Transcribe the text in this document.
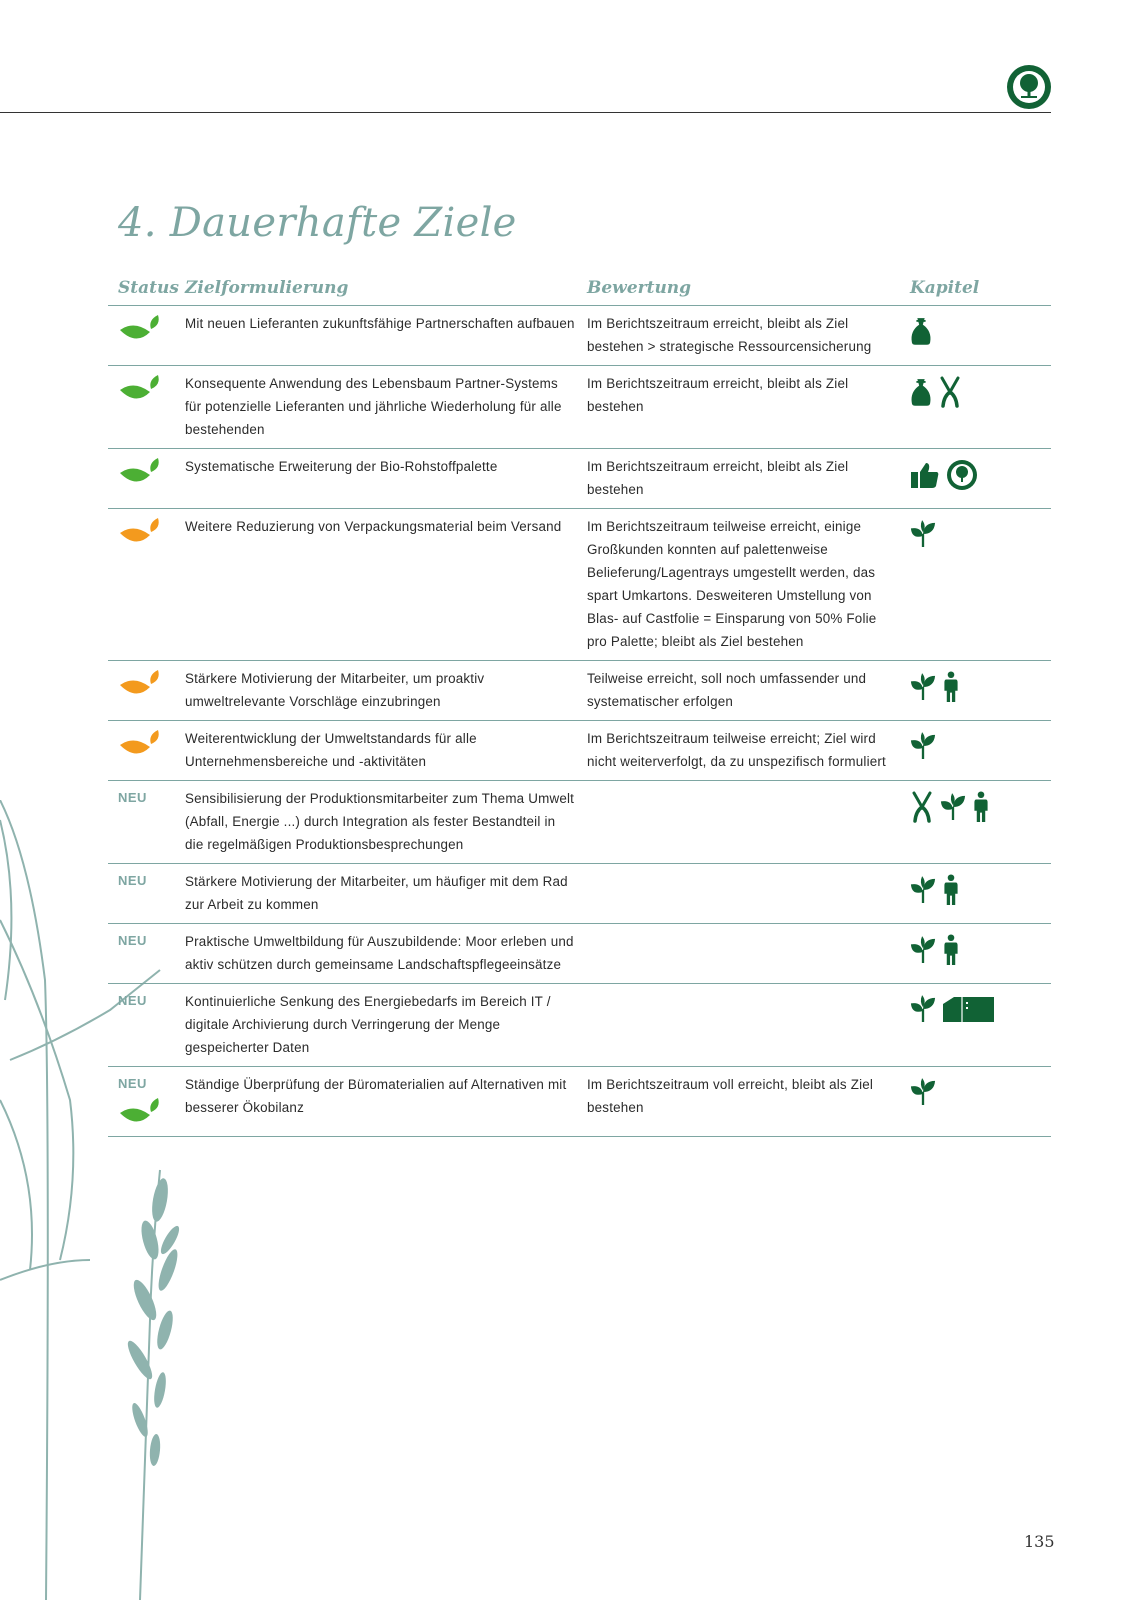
4. Dauerhafte Ziele
Status	Zielformulierung	Bewertung	Kapitel

	Mit neuen Lieferanten zukunftsfähige Partnerschaften aufbauen	Im Berichtszeitraum erreicht, bleibt als Ziel bestehen > strategische Ressourcensicherung	

	Konsequente Anwendung des Lebensbaum Partner-Systems für potenzielle Lieferanten und jährliche Wiederholung für alle bestehenden	Im Berichtszeitraum erreicht, bleibt als Ziel bestehen	

	Systematische Erweiterung der Bio-Rohstoffpalette	Im Berichtszeitraum erreicht, bleibt als Ziel bestehen	

	Weitere Reduzierung von Verpackungsmaterial beim Versand	Im Berichtszeitraum teilweise erreicht, einige Großkunden konnten auf palettenweise Belieferung/Lagentrays umgestellt werden, das spart Umkartons. Desweiteren Umstellung von Blas- auf Castfolie = Einsparung von 50% Folie pro Palette; bleibt als Ziel bestehen	

	Stärkere Motivierung der Mitarbeiter, um proaktiv umweltrelevante Vorschläge einzubringen	Teilweise erreicht, soll noch umfassender und systematischer erfolgen	

	Weiterentwicklung der Umweltstandards für alle Unternehmensbereiche und -aktivitäten	Im Berichtszeitraum teilweise erreicht; Ziel wird nicht weiterverfolgt, da zu unspezifisch formuliert	

NEU	Sensibilisierung der Produktionsmitarbeiter zum Thema Umwelt (Abfall, Energie ...) durch Integration als fester Bestandteil in die regelmäßigen Produktionsbesprechungen		

NEU	Stärkere Motivierung der Mitarbeiter, um häufiger mit dem Rad zur Arbeit zu kommen		

NEU	Praktische Umweltbildung für Auszubildende: Moor erleben und aktiv schützen durch gemeinsame Landschaftspflegeeinsätze		

NEU	Kontinuierliche Senkung des Energiebedarfs im Bereich IT / digitale Archivierung durch Verringerung der Menge gespeicherter Daten		

NEU	Ständige Überprüfung der Büromaterialien auf Alternativen mit besserer Ökobilanz	Im Berichtszeitraum voll erreicht, bleibt als Ziel bestehen	
135
